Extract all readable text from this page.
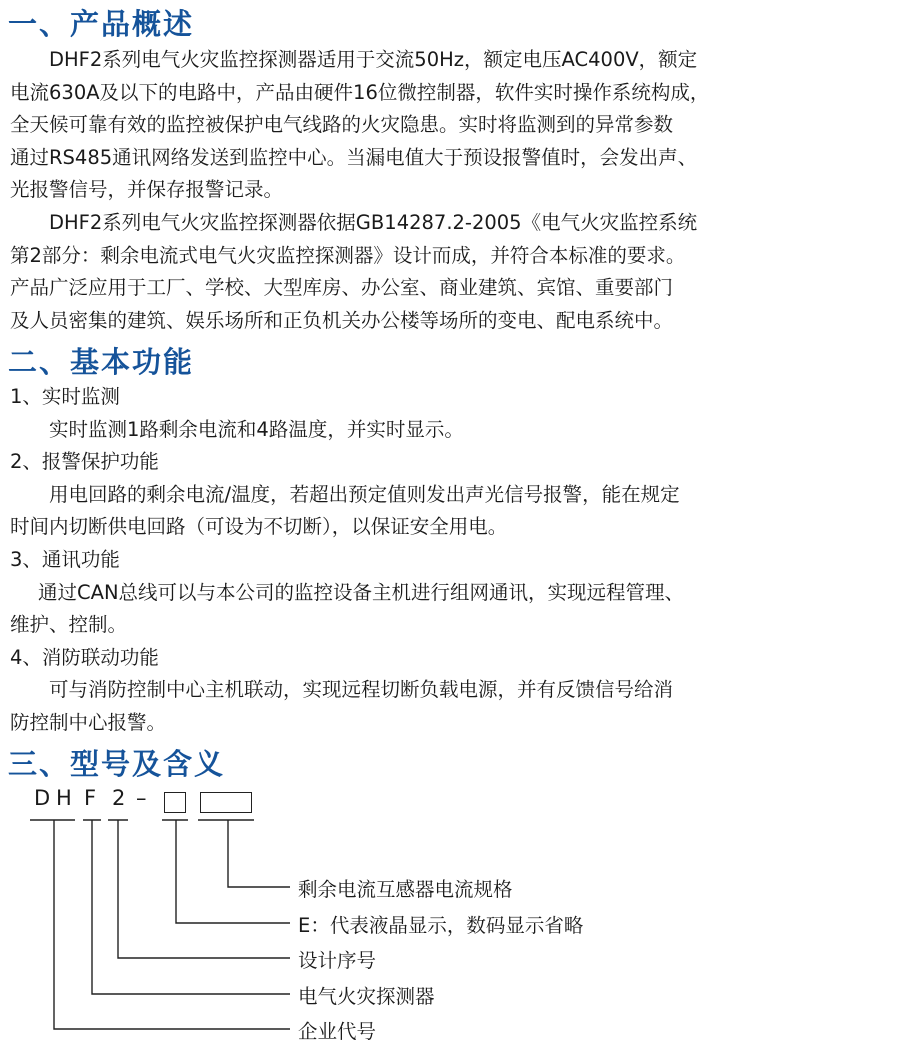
一、产品概述
DHF2系列电气火灾监控探测器适用于交流50Hz，额定电压AC400V，额定
电流630A及以下的电路中，产品由硬件16位微控制器，软件实时操作系统构成，
全天候可靠有效的监控被保护电气线路的火灾隐患。实时将监测到的异常参数
通过RS485通讯网络发送到监控中心。当漏电值大于预设报警值时，会发出声、
光报警信号，并保存报警记录。
DHF2系列电气火灾监控探测器依据GB14287.2-2005《电气火灾监控系统
第2部分：剩余电流式电气火灾监控探测器》设计而成，并符合本标准的要求。
产品广泛应用于工厂、学校、大型库房、办公室、商业建筑、宾馆、重要部门
及人员密集的建筑、娱乐场所和正负机关办公楼等场所的变电、配电系统中。
二、基本功能
1、实时监测
实时监测1路剩余电流和4路温度，并实时显示。
2、报警保护功能
用电回路的剩余电流/温度，若超出预定值则发出声光信号报警，能在规定
时间内切断供电回路（可设为不切断），以保证安全用电。
3、通讯功能
通过CAN总线可以与本公司的监控设备主机进行组网通讯，实现远程管理、
维护、控制。
4、消防联动功能
可与消防控制中心主机联动，实现远程切断负载电源，并有反馈信号给消
防控制中心报警。
三、型号及含义
D H F 2 –
剩余电流互感器电流规格
E：代表液晶显示，数码显示省略
设计序号
电气火灾探测器
企业代号
